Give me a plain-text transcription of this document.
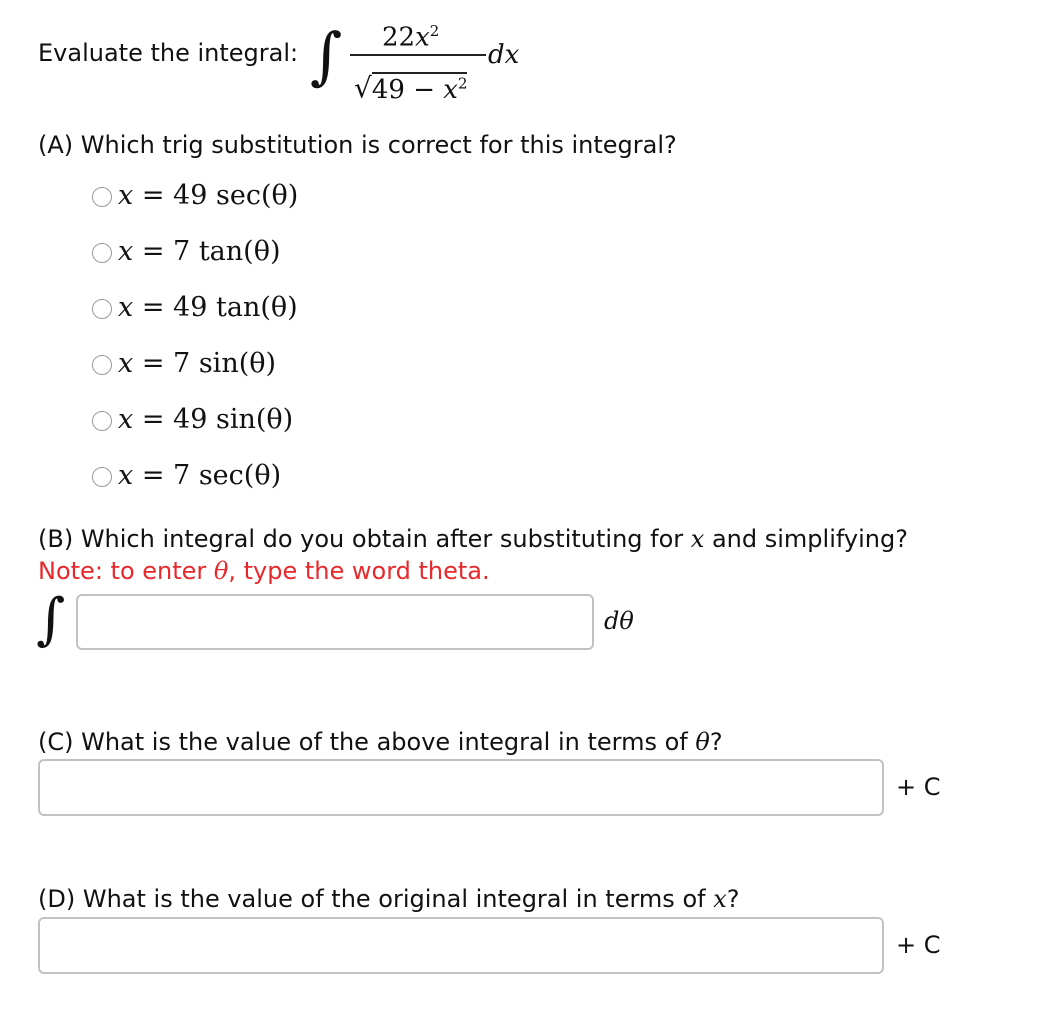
Evaluate the integral: ∫ $22x^2$
$√49 - x^2$
dx
(A) Which trig substitution is correct for this integral?
x = 49 sec(θ)
x = 7 tan(θ)
x = 49 tan(θ)
x = 7 sin(θ)
x = 49 sin(θ)
x = 7 sec(θ)
(B) Which integral do you obtain after substituting for x and simplifying?
Note: to enter θ, type the word theta.
∫	dθ
(C) What is the value of the above integral in terms of θ?
+ C
(D) What is the value of the original integral in terms of x?
+ C
